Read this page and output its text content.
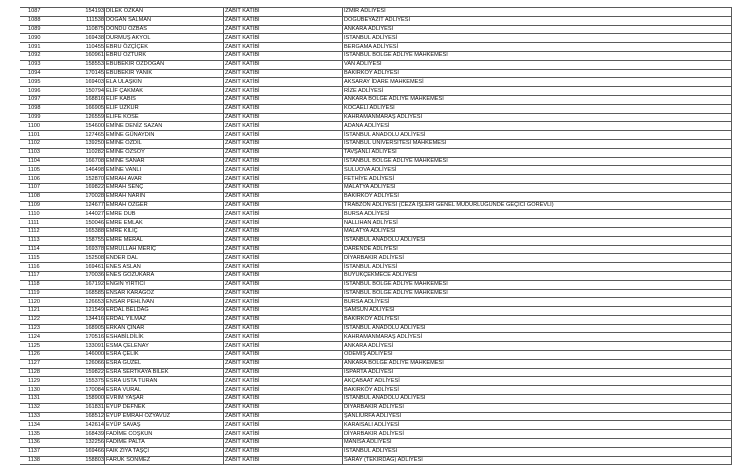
1087	154193	DİLEK OZKAN	ZABIT KATİBİ	IZMİR ADLİYESİ
1088	111538	DOGAN SALMAN	ZABIT KATİBİ	DOGUBEYAZIT ADLİYESİ
1089	110875	DONDU OZBAS	ZABIT KATİBİ	ANKARA ADLİYESİ
1090	169438	DURMUŞ AKYOL	ZABIT KATİBİ	ISTANBUL ADLİYESİ
1091	110455	EBRU ÖZÇİÇEK	ZABIT KATİBİ	BERGAMA ADLİYESİ
1092	160961	EBRU ÖZTÜRK	ZABIT KATİBİ	İSTANBUL BÖLGE ADLİYE MAHKEMESİ
1093	158553	EBUBEKİR ÖZDOĞAN	ZABIT KATİBİ	VAN ADLİYESİ
1094	170145	EBUBEKİR YANIK	ZABIT KATİBİ	BAKIRKÖY ADLİYESİ
1095	169403	ELA ULAŞKIN	ZABIT KATİBİ	AKSARAY İDARE MAHKEMESİ
1096	150794	ELİF ÇAKMAK	ZABIT KATİBİ	RİZE ADLİYESİ
1097	168816	ELİF KABİS	ZABIT KATİBİ	ANKARA BÖLGE ADLİYE MAHKEMESİ
1098	166905	ELİF UZKUR	ZABIT KATİBİ	KOCAELİ ADLİYESİ
1099	126559	ELİFE KÖSE	ZABIT KATİBİ	KAHRAMANMARAŞ ADLİYESİ
1100	154600	EMİNE DENİZ SAZAN	ZABIT KATİBİ	ADANA ADLİYESİ
1101	127465	EMİNE GÜNAYDIN	ZABIT KATİBİ	İSTANBUL ANADOLU ADLİYESİ
1102	139250	EMİNE ÖZDİL	ZABIT KATİBİ	İSTANBUL ÜNİVERSİTESİ MAHKEMESİ
1103	110282	EMİNE ÖZSOY	ZABIT KATİBİ	TAVŞANLI ADLİYESİ
1104	166708	EMİNE SANAR	ZABIT KATİBİ	İSTANBUL BÖLGE ADLİYE MAHKEMESİ
1105	146498	EMİNE VANLI	ZABIT KATİBİ	SULUOVA ADLİYESİ
1106	152870	EMRAH AVAR	ZABIT KATİBİ	FETHİYE ADLİYESİ
1107	169822	EMRAH SENÇ	ZABIT KATİBİ	MALATYA ADLİYESİ
1108	170028	EMRAH NARİN	ZABIT KATİBİ	BAKIRKÖY ADLİYESİ
1109	124677	EMRAH OZGER	ZABIT KATİBİ	TRABZON ADLİYESİ (CEZA İŞLERİ GENEL MÜDÜRLÜĞÜNDE GEÇİCİ GÖREVLİ)
1110	144027	EMRE DUB	ZABIT KATİBİ	BURSA ADLİYESİ
1111	150046	EMRE EMLAK	ZABIT KATİBİ	NALLIHAN ADLİYESİ
1112	165388	EMRE KILIÇ	ZABIT KATİBİ	MALATYA ADLİYESİ
1113	158755	EMRE MERAL	ZABIT KATİBİ	İSTANBUL ANADOLU ADLİYESİ
1114	169378	EMRULLAH MERİÇ	ZABIT KATİBİ	DARENDE ADLİYESİ
1115	152508	ENDER DAL	ZABIT KATİBİ	DİYARBAKIR ADLİYESİ
1116	169461	ENES ASLAN	ZABIT KATİBİ	İSTANBUL ADLİYESİ
1117	170036	ENES GÖZÜKARA	ZABIT KATİBİ	BÜYÜKÇEKMECE ADLİYESİ
1118	167192	ENGİN YİRTİCİ	ZABIT KATİBİ	İSTANBUL BÖLGE ADLİYE MAHKEMESİ
1119	168585	ENSAR KARAGÖZ	ZABIT KATİBİ	İSTANBUL BÖLGE ADLİYE MAHKEMESİ
1120	126653	ENSAR PEHLİVAN	ZABIT KATİBİ	BURSA ADLİYESİ
1121	121549	ERDAL BELDAĞ	ZABIT KATİBİ	SAMSUN ADLİYESİ
1122	134416	ERDAL YILMAZ	ZABIT KATİBİ	BAKIRKÖY ADLİYESİ
1123	168905	ERKAN ÇINAR	ZABIT KATİBİ	İSTANBUL ANADOLU ADLİYESİ
1124	170516	ESHABİLDİLİK	ZABIT KATİBİ	KAHRAMANMARAŞ ADLİYESİ
1125	133091	ESMA ÇELENAY	ZABIT KATİBİ	ANKARA ADLİYESİ
1126	146000	ESRA ÇELİK	ZABIT KATİBİ	ÖDEMİŞ ADLİYESİ
1127	126066	ESRA GÜZEL	ZABIT KATİBİ	ANKARA BÖLGE ADLİYE MAHKEMESİ
1128	159822	ESRA SERTKAYA BİLEK	ZABIT KATİBİ	ISPARTA ADLİYESİ
1129	155375	ESRA USTA TURAN	ZABIT KATİBİ	AKÇABAAT ADLİYESİ
1130	170084	ESRA VURAL	ZABIT KATİBİ	BAKIRKÖY ADLİYESİ
1131	158900	EVRİM YAŞAR	ZABIT KATİBİ	İSTANBUL ANADOLU ADLİYESİ
1132	161831	EYÜP DEFNEK	ZABIT KATİBİ	DİYARBAKIR ADLİYESİ
1133	168512	EYÜP EMRAH ÖZYAVUZ	ZABIT KATİBİ	ŞANLIURFA ADLİYESİ
1134	142614	EYÜP SAVAŞ	ZABIT KATİBİ	KARAISALI ADLİYESİ
1135	168439	FADİME COŞKUN	ZABIT KATİBİ	DİYARBAKIR ADLİYESİ
1136	132256	FADİME PALTA	ZABIT KATİBİ	MANİSA ADLİYESİ
1137	169466	FAİK ZİYA TAŞÇI	ZABIT KATİBİ	İSTANBUL ADLİYESİ
1138	158803	FARUK SÖNMEZ	ZABIT KATİBİ	SARAY (TEKİRDAĞ) ADLİYESİ
